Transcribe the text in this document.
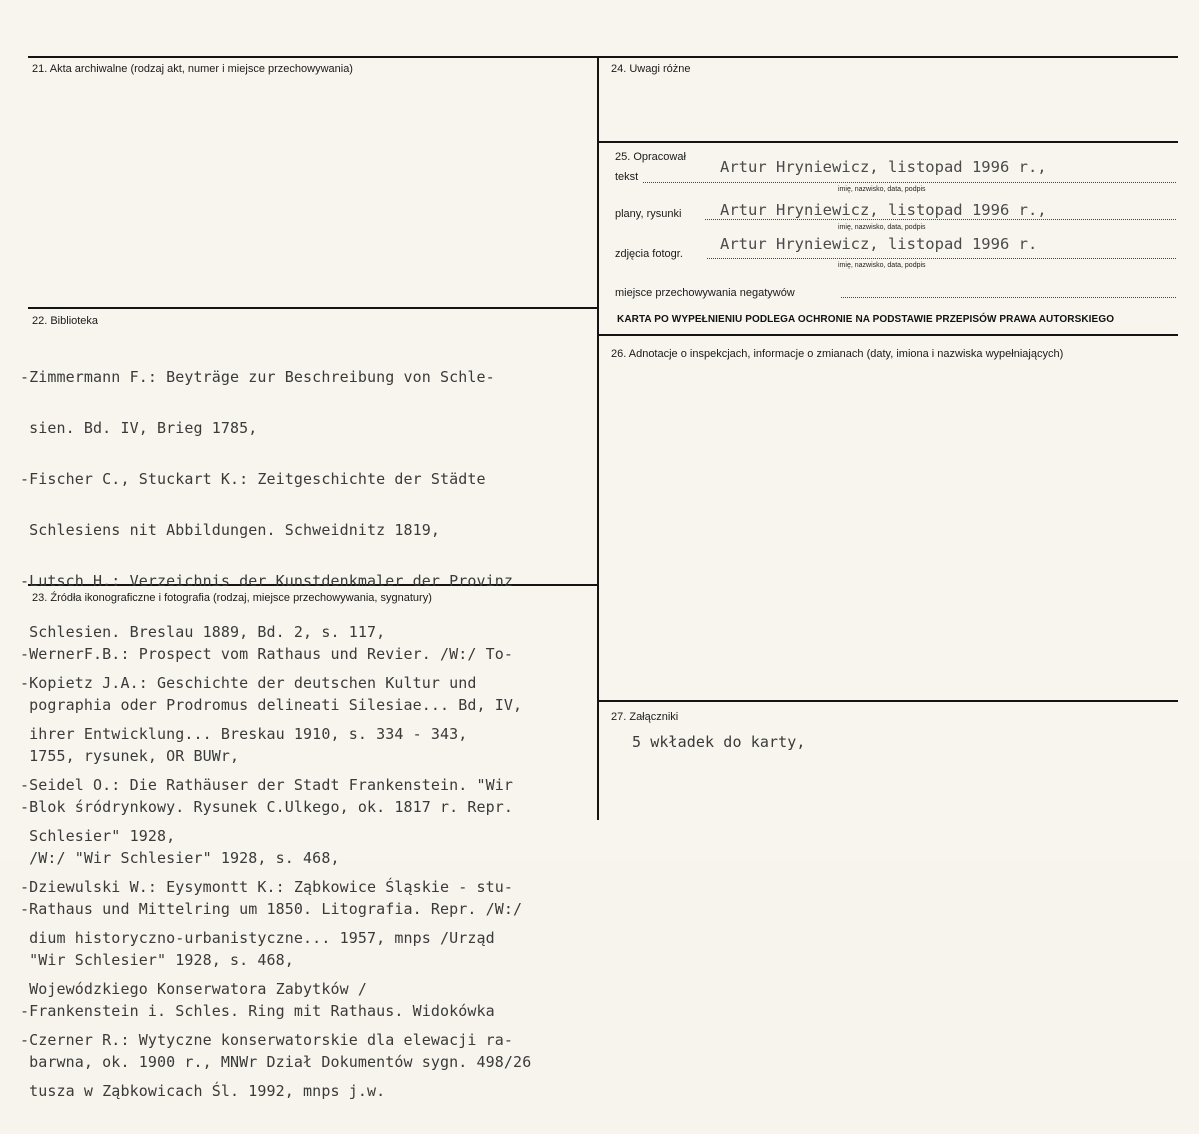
21. Akta archiwalne (rodzaj akt, numer i miejsce przechowywania)
22. Biblioteka

-Zimmermann F.: Beyträge zur Beschreibung von Schle-

sien. Bd. IV, Brieg 1785,

-Fischer C., Stuckart K.: Zeitgeschichte der Städte

Schlesiens nit Abbildungen. Schweidnitz 1819,

-Lutsch H.: Verzeichnis der Kunstdenkmaler der Provinz

Schlesien. Breslau 1889, Bd. 2, s. 117,

-Kopietz J.A.: Geschichte der deutschen Kultur und

ihrer Entwicklung... Breskau 1910, s. 334 - 343,

-Seidel O.: Die Rathäuser der Stadt Frankenstein. "Wir

Schlesier" 1928,

-Dziewulski W.: Eysymontt K.: Ząbkowice Śląskie - stu-

dium historyczno-urbanistyczne... 1957, mnps /Urząd

Wojewódzkiego Konserwatora Zabytków /

-Czerner R.: Wytyczne konserwatorskie dla elewacji ra-

tusza w Ząbkowicach Śl. 1992, mnps j.w.

23. Źródła ikonograficzne i fotografia (rodzaj, miejsce przechowywania, sygnatury)

-WernerF.B.: Prospect vom Rathaus und Revier. /W:/ To-

pographia oder Prodromus delineati Silesiae... Bd, IV,

1755, rysunek, OR BUWr,

-Blok śródrynkowy. Rysunek C.Ulkego, ok. 1817 r. Repr.

/W:/ "Wir Schlesier" 1928, s. 468,

-Rathaus und Mittelring um 1850. Litografia. Repr. /W:/

"Wir Schlesier" 1928, s. 468,

-Frankenstein i. Schles. Ring mit Rathaus. Widokówka

barwna, ok. 1900 r., MNWr Dział Dokumentów sygn. 498/26

24. Uwagi różne
25. Opracował
tekst
Artur Hryniewicz, listopad 1996 r.,
imię, nazwisko, data, podpis
plany, rysunki Artur Hryniewicz, listopad 1996 r.,
imię, nazwisko, data, podpis
zdjęcia fotogr.
Artur Hryniewicz, listopad 1996 r.
imię, nazwisko, data, podpis
miejsce przechowywania negatywów
KARTA PO WYPEŁNIENIU PODLEGA OCHRONIE NA PODSTAWIE PRZEPISÓW PRAWA AUTORSKIEGO
26. Adnotacje o inspekcjach, informacje o zmianach (daty, imiona i nazwiska wypełniających)
27. Załączniki
5 wkładek do karty,
